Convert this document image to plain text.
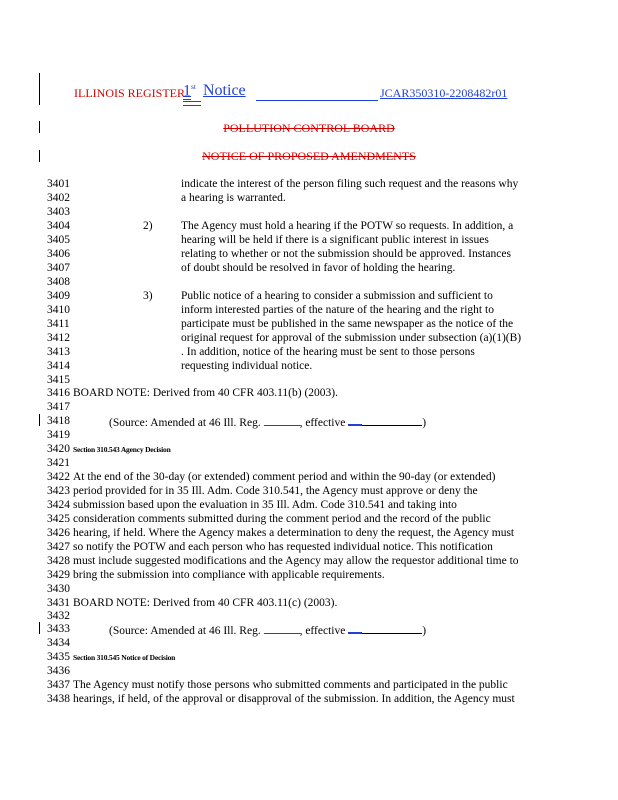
ILLINOIS REGISTER
1st Notice	JCAR350310-2208482r01
POLLUTION CONTROL BOARD
NOTICE OF PROPOSED AMENDMENTS
3401	indicate the interest of the person filing such request and the reasons why
3402	a hearing is warranted.
3403
3404	2) The Agency must hold a hearing if the POTW so requests. In addition, a
3405	hearing will be held if there is a significant public interest in issues
3406	relating to whether or not the submission should be approved. Instances
3407	of doubt should be resolved in favor of holding the hearing.
3408
3409	3) Public notice of a hearing to consider a submission and sufficient to
3410	inform interested parties of the nature of the hearing and the right to
3411	participate must be published in the same newspaper as the notice of the
3412	original request for approval of the submission under subsection (a)(1)(B)
3413	. In addition, notice of the hearing must be sent to those persons
3414	requesting individual notice.
3415
3416 BOARD NOTE: Derived from 40 CFR 403.11(b) (2003).
3417
3418	(Source: Amended at 46 Ill. Reg.	, effective	)
3419
3420 Section 310.543 Agency Decision
3421
3422 At the end of the 30-day (or extended) comment period and within the 90-day (or extended)
3423 period provided for in 35 Ill. Adm. Code 310.541, the Agency must approve or deny the
3424 submission based upon the evaluation in 35 Ill. Adm. Code 310.541 and taking into
3425 consideration comments submitted during the comment period and the record of the public
3426 hearing, if held. Where the Agency makes a determination to deny the request, the Agency must
3427 so notify the POTW and each person who has requested individual notice. This notification
3428 must include suggested modifications and the Agency may allow the requestor additional time to
3429 bring the submission into compliance with applicable requirements.
3430
3431 BOARD NOTE: Derived from 40 CFR 403.11(c) (2003).
3432
3433	(Source: Amended at 46 Ill. Reg.	, effective	)
3434
3435 Section 310.545 Notice of Decision
3436
3437 The Agency must notify those persons who submitted comments and participated in the public
3438 hearings, if held, of the approval or disapproval of the submission. In addition, the Agency must
